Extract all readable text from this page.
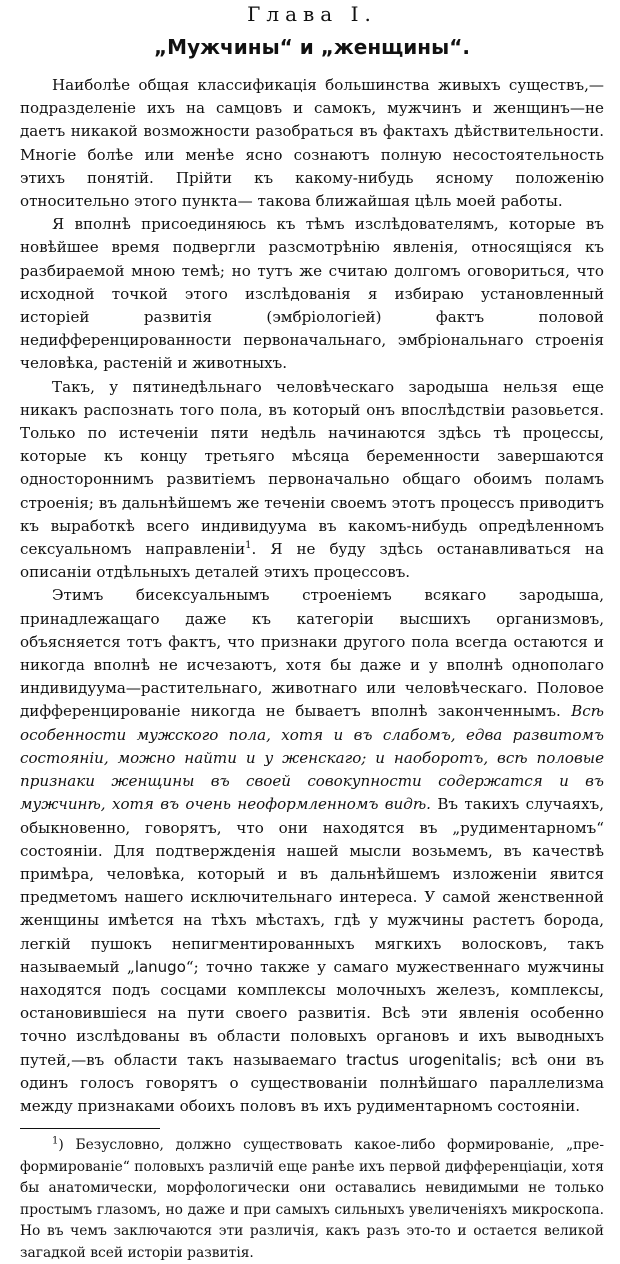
Глава I.
„Мужчины“ и „женщины“.

Наиболѣе общая классификація большинства живыхъ существъ,— подразделеніе ихъ на самцовъ и самокъ, мужчинъ и женщинъ—не даетъ никакой возможности разобраться въ фактахъ дѣйствительности. Многіе болѣе или менѣе ясно сознаютъ полную несостоятельность этихъ понятій. Прійти къ какому-нибудь ясному положенію относительно этого пункта— такова ближайшая цѣль моей работы.

Я вполнѣ присоединяюсь къ тѣмъ изслѣдователямъ, которые въ новѣйшее время подвергли разсмотрѣнію явленія, относящіяся къ разбираемой мною темѣ; но тутъ же считаю долгомъ оговориться, что исходной точкой этого изслѣдованія я избираю установленный исторіей развитія (эмбріологіей) фактъ половой недифференцированности первоначальнаго, эмбріональнаго строенія человѣка, растеній и животныхъ.

Такъ, у пятинедѣльнаго человѣческаго зародыша нельзя еще никакъ распознать того пола, въ который онъ впослѣдствіи разовьется. Только по истеченіи пяти недѣль начинаются здѣсь тѣ процессы, которые къ концу третьяго мѣсяца беременности завершаются одностороннимъ развитіемъ первоначально общаго обоимъ поламъ строенія; въ дальнѣйшемъ же теченіи своемъ этотъ процессъ приводитъ къ выработкѣ всего индивидуума въ какомъ-нибудь опредѣленномъ сексуальномъ направленіи$^1$. Я не буду здѣсь останавливаться на описаніи отдѣльныхъ деталей этихъ процессовъ.

Этимъ бисексуальнымъ строеніемъ всякаго зародыша, принадлежащаго даже къ категоріи высшихъ организмовъ, объясняется тотъ фактъ, что признаки другого пола всегда остаются и никогда вполнѣ не исчезаютъ, хотя бы даже и у вполнѣ однополаго индивидуума—растительнаго, животнаго или человѣческаго. Половое дифференцированіе никогда не бываетъ вполнѣ законченнымъ. Всѣ особенности мужского пола, хотя и въ слабомъ, едва развитомъ состояніи, можно найти и у женскаго; и наоборотъ, всѣ половые признаки женщины въ своей совокупности содержатся и въ мужчинѣ, хотя въ очень неоформленномъ видѣ. Въ такихъ случаяхъ, обыкновенно, говорятъ, что они находятся въ „рудиментарномъ“ состояніи. Для подтвержденія нашей мысли возьмемъ, въ качествѣ примѣра, человѣка, который и въ дальнѣйшемъ изложеніи явится предметомъ нашего исключительнаго интереса. У самой женственной женщины имѣется на тѣхъ мѣстахъ, гдѣ у мужчины растетъ борода, легкій пушокъ непигментированныхъ мягкихъ волосковъ, такъ называемый „lanugo“; точно также у самаго мужественнаго мужчины находятся подъ сосцами комплексы молочныхъ железъ, комплексы, остановившіеся на пути своего развитія. Всѣ эти явленія особенно точно изслѣдованы въ области половыхъ органовъ и ихъ выводныхъ путей,—въ области такъ называемаго tractus urogenitalis; всѣ они въ одинъ голосъ говорятъ о существованіи полнѣйшаго параллелизма между признаками обоихъ половъ въ ихъ рудиментарномъ состояніи.

$^1$) Безусловно, должно существовать какое-либо формированіе, „пре-формированіе“ половыхъ различій еще ранѣе ихъ первой дифференціаціи, хотя бы анатомически, морфологически они оставались невидимыми не только простымъ глазомъ, но даже и при самыхъ сильныхъ увеличеніяхъ микроскопа. Но въ чемъ заключаются эти различія, какъ разъ это-то и остается великой загадкой всей исторіи развитія.
